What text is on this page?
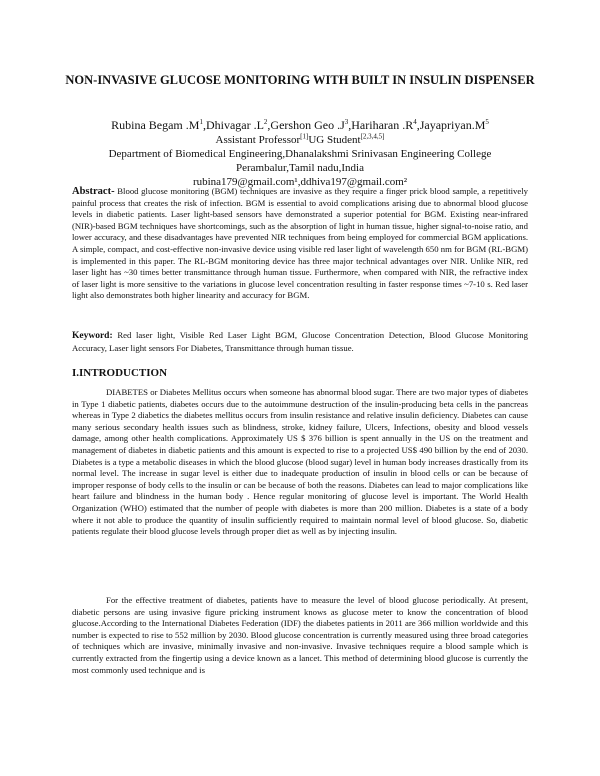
NON-INVASIVE GLUCOSE MONITORING WITH BUILT IN INSULIN DISPENSER
Rubina Begam $.M^1,Dhivagar$ $.L^2,Gershon$ Geo $.J^3,Hariharan$ $.R^4,Jayapriyan.M^5$
Assistant Professor[1]UG Student[2,3,4,5]
Department of Biomedical Engineering,Dhanalakshmi Srinivasan Engineering College
Perambalur,Tamil nadu,India
rubina179@gmail.com¹,ddhiva197@gmail.com²
Abstract- Blood glucose monitoring (BGM) techniques are invasive as they require a finger prick blood sample, a repetitively painful process that creates the risk of infection. BGM is essential to avoid complications arising due to abnormal blood glucose levels in diabetic patients. Laser light-based sensors have demonstrated a superior potential for BGM. Existing near-infrared (NIR)-based BGM techniques have shortcomings, such as the absorption of light in human tissue, higher signal-to-noise ratio, and lower accuracy, and these disadvantages have prevented NIR techniques from being employed for commercial BGM applications. A simple, compact, and cost-effective non-invasive device using visible red laser light of wavelength 650 nm for BGM (RL-BGM) is implemented in this paper. The RL-BGM monitoring device has three major technical advantages over NIR. Unlike NIR, red laser light has ~30 times better transmittance through human tissue. Furthermore, when compared with NIR, the refractive index of laser light is more sensitive to the variations in glucose level concentration resulting in faster response times ~7-10 s. Red laser light also demonstrates both higher linearity and accuracy for BGM.
Keyword: Red laser light, Visible Red Laser Light BGM, Glucose Concentration Detection, Blood Glucose Monitoring Accuracy, Laser light sensors For Diabetes, Transmittance through human tissue.
I.INTRODUCTION
DIABETES or Diabetes Mellitus occurs when someone has abnormal blood sugar. There are two major types of diabetes in Type 1 diabetic patients, diabetes occurs due to the autoimmune destruction of the insulin-producing beta cells in the pancreas whereas in Type 2 diabetics the diabetes mellitus occurs from insulin resistance and relative insulin deficiency. Diabetes can cause many serious secondary health issues such as blindness, stroke, kidney failure, Ulcers, Infections, obesity and blood vessels damage, among other health complications. Approximately US $ 376 billion is spent annually in the US on the treatment and management of diabetes in diabetic patients and this amount is expected to rise to a projected US$ 490 billion by the end of 2030. Diabetes is a type a metabolic diseases in which the blood glucose (blood sugar) level in human body increases drastically from its normal level. The increase in sugar level is either due to inadequate production of insulin in blood cells or can be because of improper response of body cells to the insulin or can be because of both the reasons. Diabetes can lead to major complications like heart failure and blindness in the human body . Hence regular monitoring of glucose level is important. The World Health Organization (WHO) estimated that the number of people with diabetes is more than 200 million. Diabetes is a state of a body where it not able to produce the quantity of insulin sufficiently required to maintain normal level of blood glucose. So, diabetic patients regulate their blood glucose levels through proper diet as well as by injecting insulin.
For the effective treatment of diabetes, patients have to measure the level of blood glucose periodically. At present, diabetic persons are using invasive figure pricking instrument knows as glucose meter to know the concentration of blood glucose.According to the International Diabetes Federation (IDF) the diabetes patients in 2011 are 366 million worldwide and this number is expected to rise to 552 million by 2030. Blood glucose concentration is currently measured using three broad categories of techniques which are invasive, minimally invasive and non-invasive. Invasive techniques require a blood sample which is currently extracted from the fingertip using a device known as a lancet. This method of determining blood glucose is currently the most commonly used technique and is
